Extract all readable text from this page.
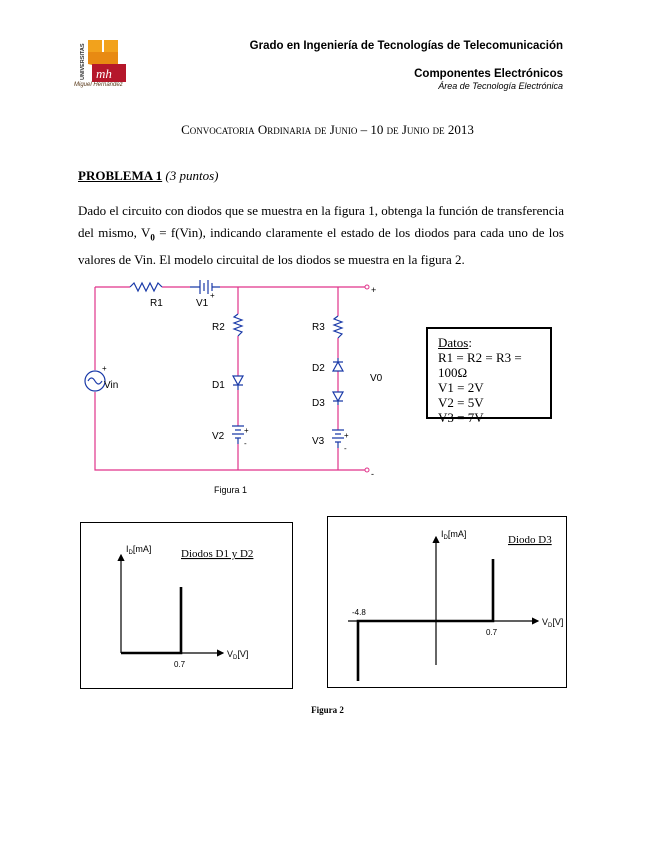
mh
UNIVERSITAS
Miguel Hernández
Grado en Ingeniería de Tecnologías de Telecomunicación
Componentes Electrónicos
Área de Tecnología Electrónica
Convocatoria Ordinaria de Junio – 10 de Junio de 2013
PROBLEMA 1 (3 puntos)
Dado el circuito con diodos que se muestra en la figura 1, obtenga la función de transferencia del mismo, $V_0 = f(Vin)$, indicando claramente el estado de los diodos para cada uno de los valores de Vin. El modelo circuital de los diodos se muestra en la figura 2.
R1	V1
+
R2
D1
V2
+
-
R3
D2
D3
V3
+
-
Vin
+
V0
+
-
Datos:
R1 = R2 = R3 = 100Ω
V1 = 2V
V2 = 5V
V3 = 7V
Figura 1
$I_D[mA]$
$V_D[V]$
0.7
Diodos D1 y D2
$I_D[mA]$
$V_D[V]$
0.7
-4.8
Diodo D3
Figura 2
